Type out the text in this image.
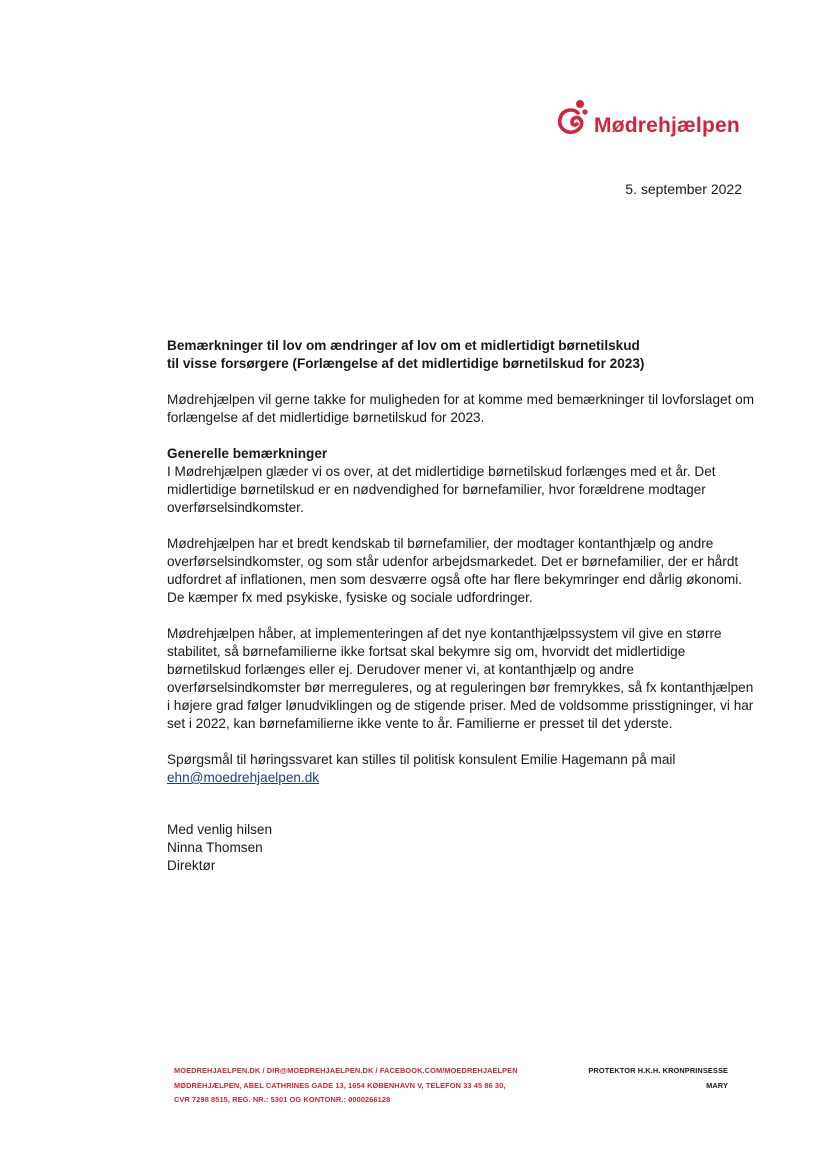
Mødrehjælpen
5. september 2022

Bemærkninger til lov om ændringer af lov om et midlertidigt børnetilskud
til visse forsørgere (Forlængelse af det midlertidige børnetilskud for 2023)

Mødrehjælpen vil gerne takke for muligheden for at komme med bemærkninger til lovforslaget om forlængelse af det midlertidige børnetilskud for 2023.

Generelle bemærkninger
I Mødrehjælpen glæder vi os over, at det midlertidige børnetilskud forlænges med et år. Det midlertidige børnetilskud er en nødvendighed for børnefamilier, hvor forældrene modtager overførselsindkomster.

Mødrehjælpen har et bredt kendskab til børnefamilier, der modtager kontanthjælp og andre overførselsindkomster, og som står udenfor arbejdsmarkedet. Det er børnefamilier, der er hårdt udfordret af inflationen, men som desværre også ofte har flere bekymringer end dårlig økonomi. De kæmper fx med psykiske, fysiske og sociale udfordringer.

Mødrehjælpen håber, at implementeringen af det nye kontanthjælpssystem vil give en større stabilitet, så børnefamilierne ikke fortsat skal bekymre sig om, hvorvidt det midlertidige børnetilskud forlænges eller ej. Derudover mener vi, at kontanthjælp og andre overførselsindkomster bør merreguleres, og at reguleringen bør fremrykkes, så fx kontanthjælpen i højere grad følger lønudviklingen og de stigende priser. Med de voldsomme prisstigninger, vi har set i 2022, kan børnefamilierne ikke vente to år. Familierne er presset til det yderste.

Spørgsmål til høringssvaret kan stilles til politisk konsulent Emilie Hagemann på mail
ehn@moedrehjaelpen.dk

Med venlig hilsen
Ninna Thomsen
Direktør
MOEDREHJAELPEN.DK / DIR@MOEDREHJAELPEN.DK / FACEBOOK.COM/MOEDREHJAELPEN
MØDREHJÆLPEN, ABEL CATHRINES GADE 13, 1654 KØBENHAVN V, TELEFON 33 45 86 30,
CVR 7298 8515, REG. NR.: 5301 OG KONTONR.: 0000266128
PROTEKTOR H.K.H. KRONPRINSESSE
MARY
